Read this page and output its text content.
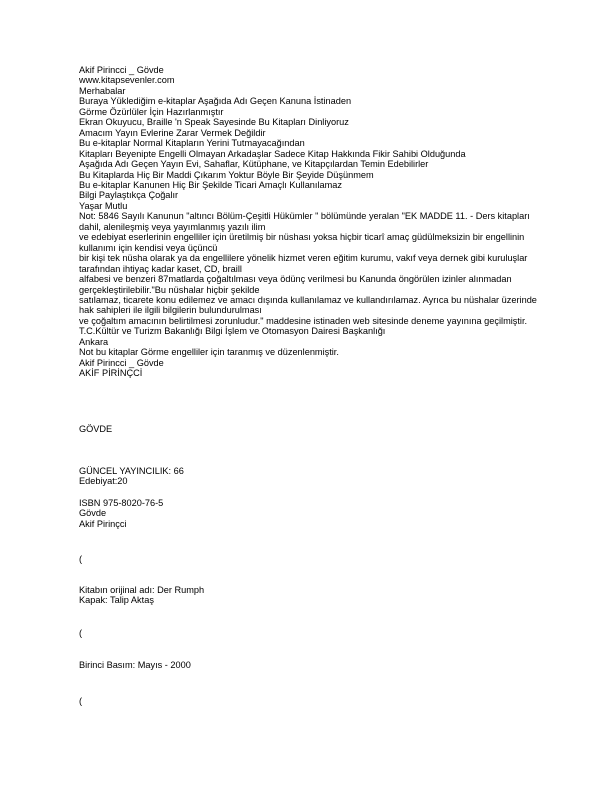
Akif Pirincci _ Gövde
www.kitapsevenler.com
Merhabalar
Buraya Yüklediğim e-kitaplar Aşağıda Adı Geçen Kanuna İstinaden
Görme Özürlüler İçin Hazırlanmıştır
Ekran Okuyucu, Braille 'n Speak Sayesinde Bu Kitapları Dinliyoruz
Amacım Yayın Evlerine Zarar Vermek Değildir
Bu e-kitaplar Normal Kitapların Yerini Tutmayacağından
Kitapları Beyenipte Engelli Olmayan Arkadaşlar Sadece Kitap Hakkında Fikir Sahibi Olduğunda
Aşağıda Adı Geçen Yayın Evi, Sahaflar, Kütüphane, ve Kitapçılardan Temin Edebilirler
Bu Kitaplarda Hiç Bir Maddi Çıkarım Yoktur Böyle Bir Şeyide Düşünmem
Bu e-kitaplar Kanunen Hiç Bir Şekilde Ticari Amaçlı Kullanılamaz
Bilgi Paylaştıkça Çoğalır
Yaşar Mutlu
Not: 5846 Sayılı Kanunun "altıncı Bölüm-Çeşitli Hükümler " bölümünde yeralan "EK MADDE 11. - Ders kitapları dahil, alenileşmiş veya yayımlanmış yazılı ilim
ve edebiyat eserlerinin engelliler için üretilmiş bir nüshası yoksa hiçbir ticarî amaç güdülmeksizin bir engellinin kullanımı için kendisi veya üçüncü
bir kişi tek nüsha olarak ya da engellilere yönelik hizmet veren eğitim kurumu, vakıf veya dernek gibi kuruluşlar tarafından ihtiyaç kadar kaset, CD, braill
alfabesi ve benzeri 87matlarda çoğaltılması veya ödünç verilmesi bu Kanunda öngörülen izinler alınmadan gerçekleştirilebilir."Bu nüshalar hiçbir şekilde
satılamaz, ticarete konu edilemez ve amacı dışında kullanılamaz ve kullandırılamaz. Ayrıca bu nüshalar üzerinde hak sahipleri ile ilgili bilgilerin bulundurulması
ve çoğaltım amacının belirtilmesi zorunludur." maddesine istinaden web sitesinde deneme yayınına geçilmiştir.
T.C.Kültür ve Turizm Bakanlığı Bilgi İşlem ve Otomasyon Dairesi Başkanlığı
Ankara
Not bu kitaplar Görme engelliler için taranmış ve düzenlenmiştir.
Akif Pirincci _ Gövde
AKİF PİRİNÇCİ
GÖVDE
GÜNCEL YAYINCILIK: 66
Edebiyat:20
ISBN 975-8020-76-5
Gövde
Akif Pirinçci
(
Kitabın orijinal adı: Der Rumph
Kapak: Talip Aktaş
(
Birinci Basım: Mayıs - 2000
(
